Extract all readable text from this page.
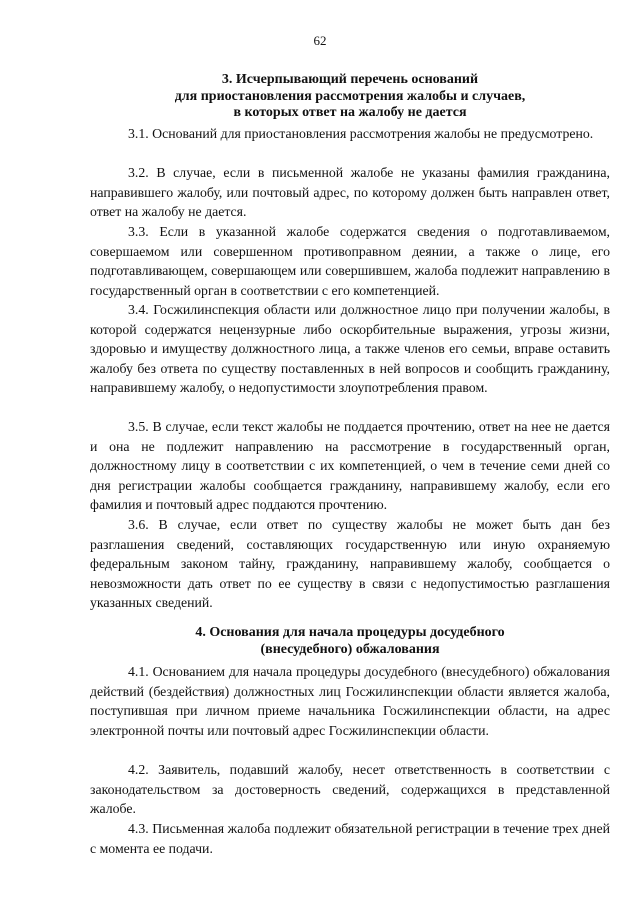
62
3. Исчерпывающий перечень оснований
для приостановления рассмотрения жалобы и случаев,
в которых ответ на жалобу не дается

3.1. Оснований для приостановления рассмотрения жалобы не предусмотрено.

3.2. В случае, если в письменной жалобе не указаны фамилия гражданина, направившего жалобу, или почтовый адрес, по которому должен быть направлен ответ, ответ на жалобу не дается.

3.3. Если в указанной жалобе содержатся сведения о подготавливаемом, совершаемом или совершенном противоправном деянии, а также о лице, его подготавливающем, совершающем или совершившем, жалоба подлежит направлению в государственный орган в соответствии с его компетенцией.

3.4. Госжилинспекция области или должностное лицо при получении жалобы, в которой содержатся нецензурные либо оскорбительные выражения, угрозы жизни, здоровью и имуществу должностного лица, а также членов его семьи, вправе оставить жалобу без ответа по существу поставленных в ней вопросов и сообщить гражданину, направившему жалобу, о недопустимости злоупотребления правом.

3.5. В случае, если текст жалобы не поддается прочтению, ответ на нее не дается и она не подлежит направлению на рассмотрение в государственный орган, должностному лицу в соответствии с их компетенцией, о чем в течение семи дней со дня регистрации жалобы сообщается гражданину, направившему жалобу, если его фамилия и почтовый адрес поддаются прочтению.

3.6. В случае, если ответ по существу жалобы не может быть дан без разглашения сведений, составляющих государственную или иную охраняемую федеральным законом тайну, гражданину, направившему жалобу, сообщается о невозможности дать ответ по ее существу в связи с недопустимостью разглашения указанных сведений.

4. Основания для начала процедуры досудебного
(внесудебного) обжалования

4.1. Основанием для начала процедуры досудебного (внесудебного) обжалования действий (бездействия) должностных лиц Госжилинспекции области является жалоба, поступившая при личном приеме начальника Госжилинспекции области, на адрес электронной почты или почтовый адрес Госжилинспекции области.

4.2. Заявитель, подавший жалобу, несет ответственность в соответствии с законодательством за достоверность сведений, содержащихся в представленной жалобе.

4.3. Письменная жалоба подлежит обязательной регистрации в течение трех дней с момента ее подачи.
